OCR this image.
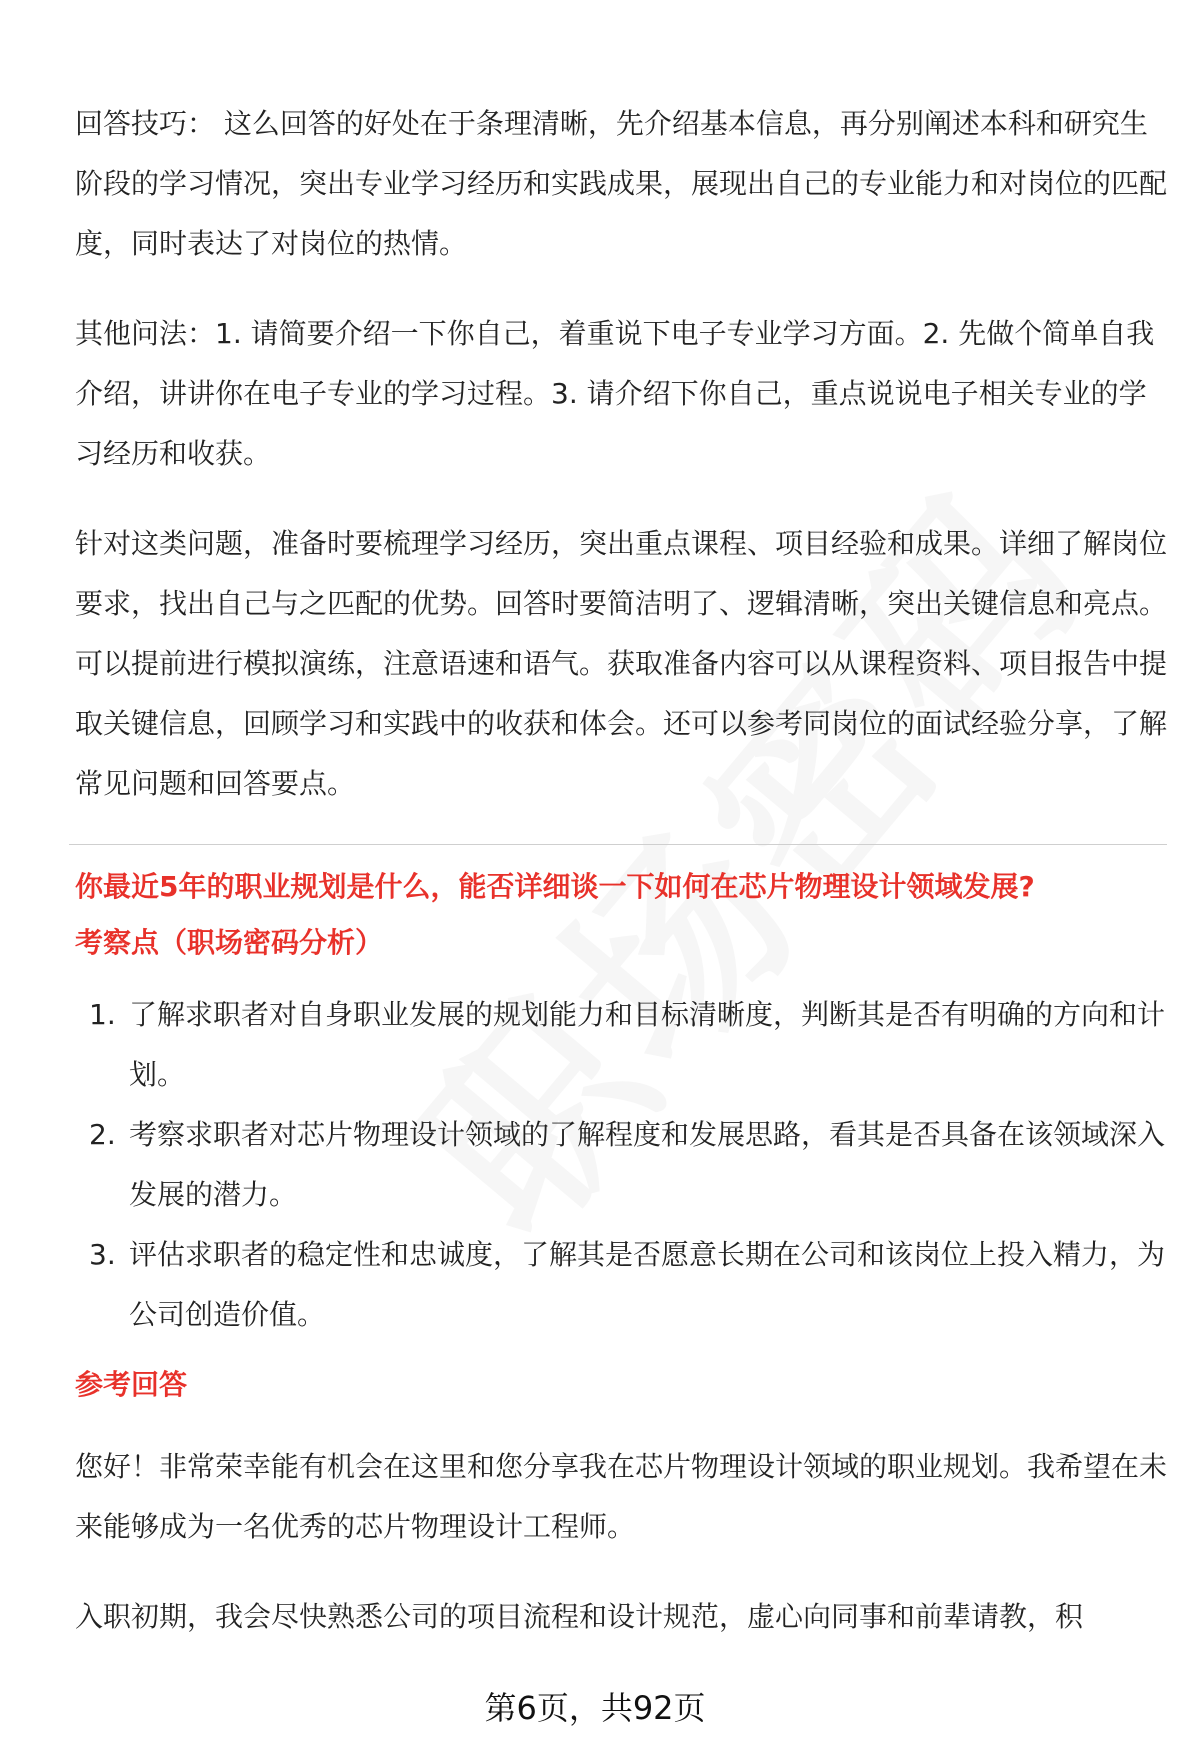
回答技巧： 这么回答的好处在于条理清晰，先介绍基本信息，再分别阐述本科和研究生阶段的学习情况，突出专业学习经历和实践成果，展现出自己的专业能力和对岗位的匹配度，同时表达了对岗位的热情。

其他问法：1. 请简要介绍一下你自己，着重说下电子专业学习方面。2. 先做个简单自我介绍，讲讲你在电子专业的学习过程。3. 请介绍下你自己，重点说说电子相关专业的学习经历和收获。

针对这类问题，准备时要梳理学习经历，突出重点课程、项目经验和成果。详细了解岗位要求，找出自己与之匹配的优势。回答时要简洁明了、逻辑清晰，突出关键信息和亮点。可以提前进行模拟演练，注意语速和语气。获取准备内容可以从课程资料、项目报告中提取关键信息，回顾学习和实践中的收获和体会。还可以参考同岗位的面试经验分享，了解常见问题和回答要点。

你最近5年的职业规划是什么，能否详细谈一下如何在芯片物理设计领域发展?

考察点（职场密码分析）

1. 了解求职者对自身职业发展的规划能力和目标清晰度，判断其是否有明确的方向和计划。
2. 考察求职者对芯片物理设计领域的了解程度和发展思路，看其是否具备在该领域深入发展的潜力。
3. 评估求职者的稳定性和忠诚度，了解其是否愿意长期在公司和该岗位上投入精力，为公司创造价值。

参考回答

您好！非常荣幸能有机会在这里和您分享我在芯片物理设计领域的职业规划。我希望在未来能够成为一名优秀的芯片物理设计工程师。

入职初期，我会尽快熟悉公司的项目流程和设计规范，虚心向同事和前辈请教，积

第6页，共92页
